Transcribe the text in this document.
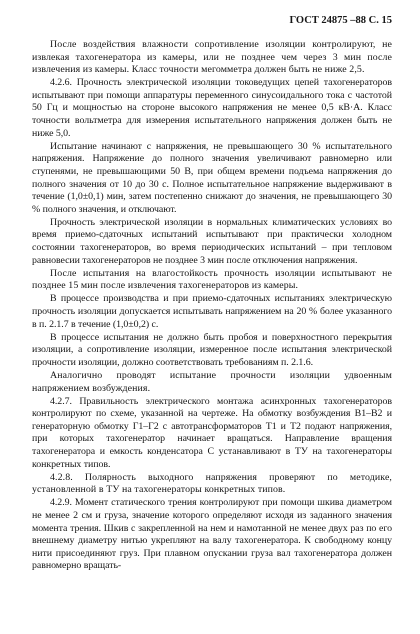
ГОСТ 24875 –88 С. 15

После воздействия влажности сопротивление изоляции контролируют, не извлекая тахогенератора из камеры, или не позднее чем через 3 мин после извлечения из камеры. Класс точности мегомметра должен быть не ниже 2,5.

4.2.6. Прочность электрической изоляции токоведущих цепей тахогенераторов испытывают при помощи аппаратуры переменного синусоидального тока с частотой 50 Гц и мощностью на стороне высокого напряжения не менее 0,5 кВ·А. Класс точности вольтметра для измерения испытательного напряжения должен быть не ниже 5,0.

Испытание начинают с напряжения, не превышающего 30 % испытательного напряжения. Напряжение до полного значения увеличивают равномерно или ступенями, не превышающими 50 В, при общем времени подъема напряжения до полного значения от 10 до 30 с. Полное испытательное напряжение выдерживают в течение (1,0±0,1) мин, затем постепенно снижают до значения, не превышающего 30 % полного значения, и отключают.

Прочность электрической изоляции в нормальных климатических условиях во время приемо-сдаточных испытаний испытывают при практически холодном состоянии тахогенераторов, во время периодических испытаний – при тепловом равновесии тахогенераторов не позднее 3 мин после отключения напряжения.

После испытания на влагостойкость прочность изоляции испытывают не позднее 15 мин после извлечения тахогенераторов из камеры.

В процессе производства и при приемо-сдаточных испытаниях электрическую прочность изоляции допускается испытывать напряжением на 20 % более указанного в п. 2.1.7 в течение (1,0±0,2) с.

В процессе испытания не должно быть пробоя и поверхностного перекрытия изоляции, а сопротивление изоляции, измеренное после испытания электрической прочности изоляции, должно соответствовать требованиям п. 2.1.6.

Аналогично проводят испытание прочности изоляции удвоенным напряжением возбуждения.

4.2.7. Правильность электрического монтажа асинхронных тахогенераторов контролируют по схеме, указанной на чертеже. На обмотку возбуждения В1–В2 и генераторную обмотку Г1–Г2 с автотрансформаторов Т1 и Т2 подают напряжения, при которых тахогенератор начинает вращаться. Направление вращения тахогенератора и емкость конденсатора С устанавливают в ТУ на тахогенераторы конкретных типов.

4.2.8. Полярность выходного напряжения проверяют по методике, установленной в ТУ на тахогенераторы конкретных типов.

4.2.9. Момент статического трения контролируют при помощи шкива диаметром не менее 2 см и груза, значение которого определяют исходя из заданного значения момента трения. Шкив с закрепленной на нем и намотанной не менее двух раз по его внешнему диаметру нитью укрепляют на валу тахогенератора. К свободному концу нити присоединяют груз. При плавном опускании груза вал тахогенератора должен равномерно вращать-
